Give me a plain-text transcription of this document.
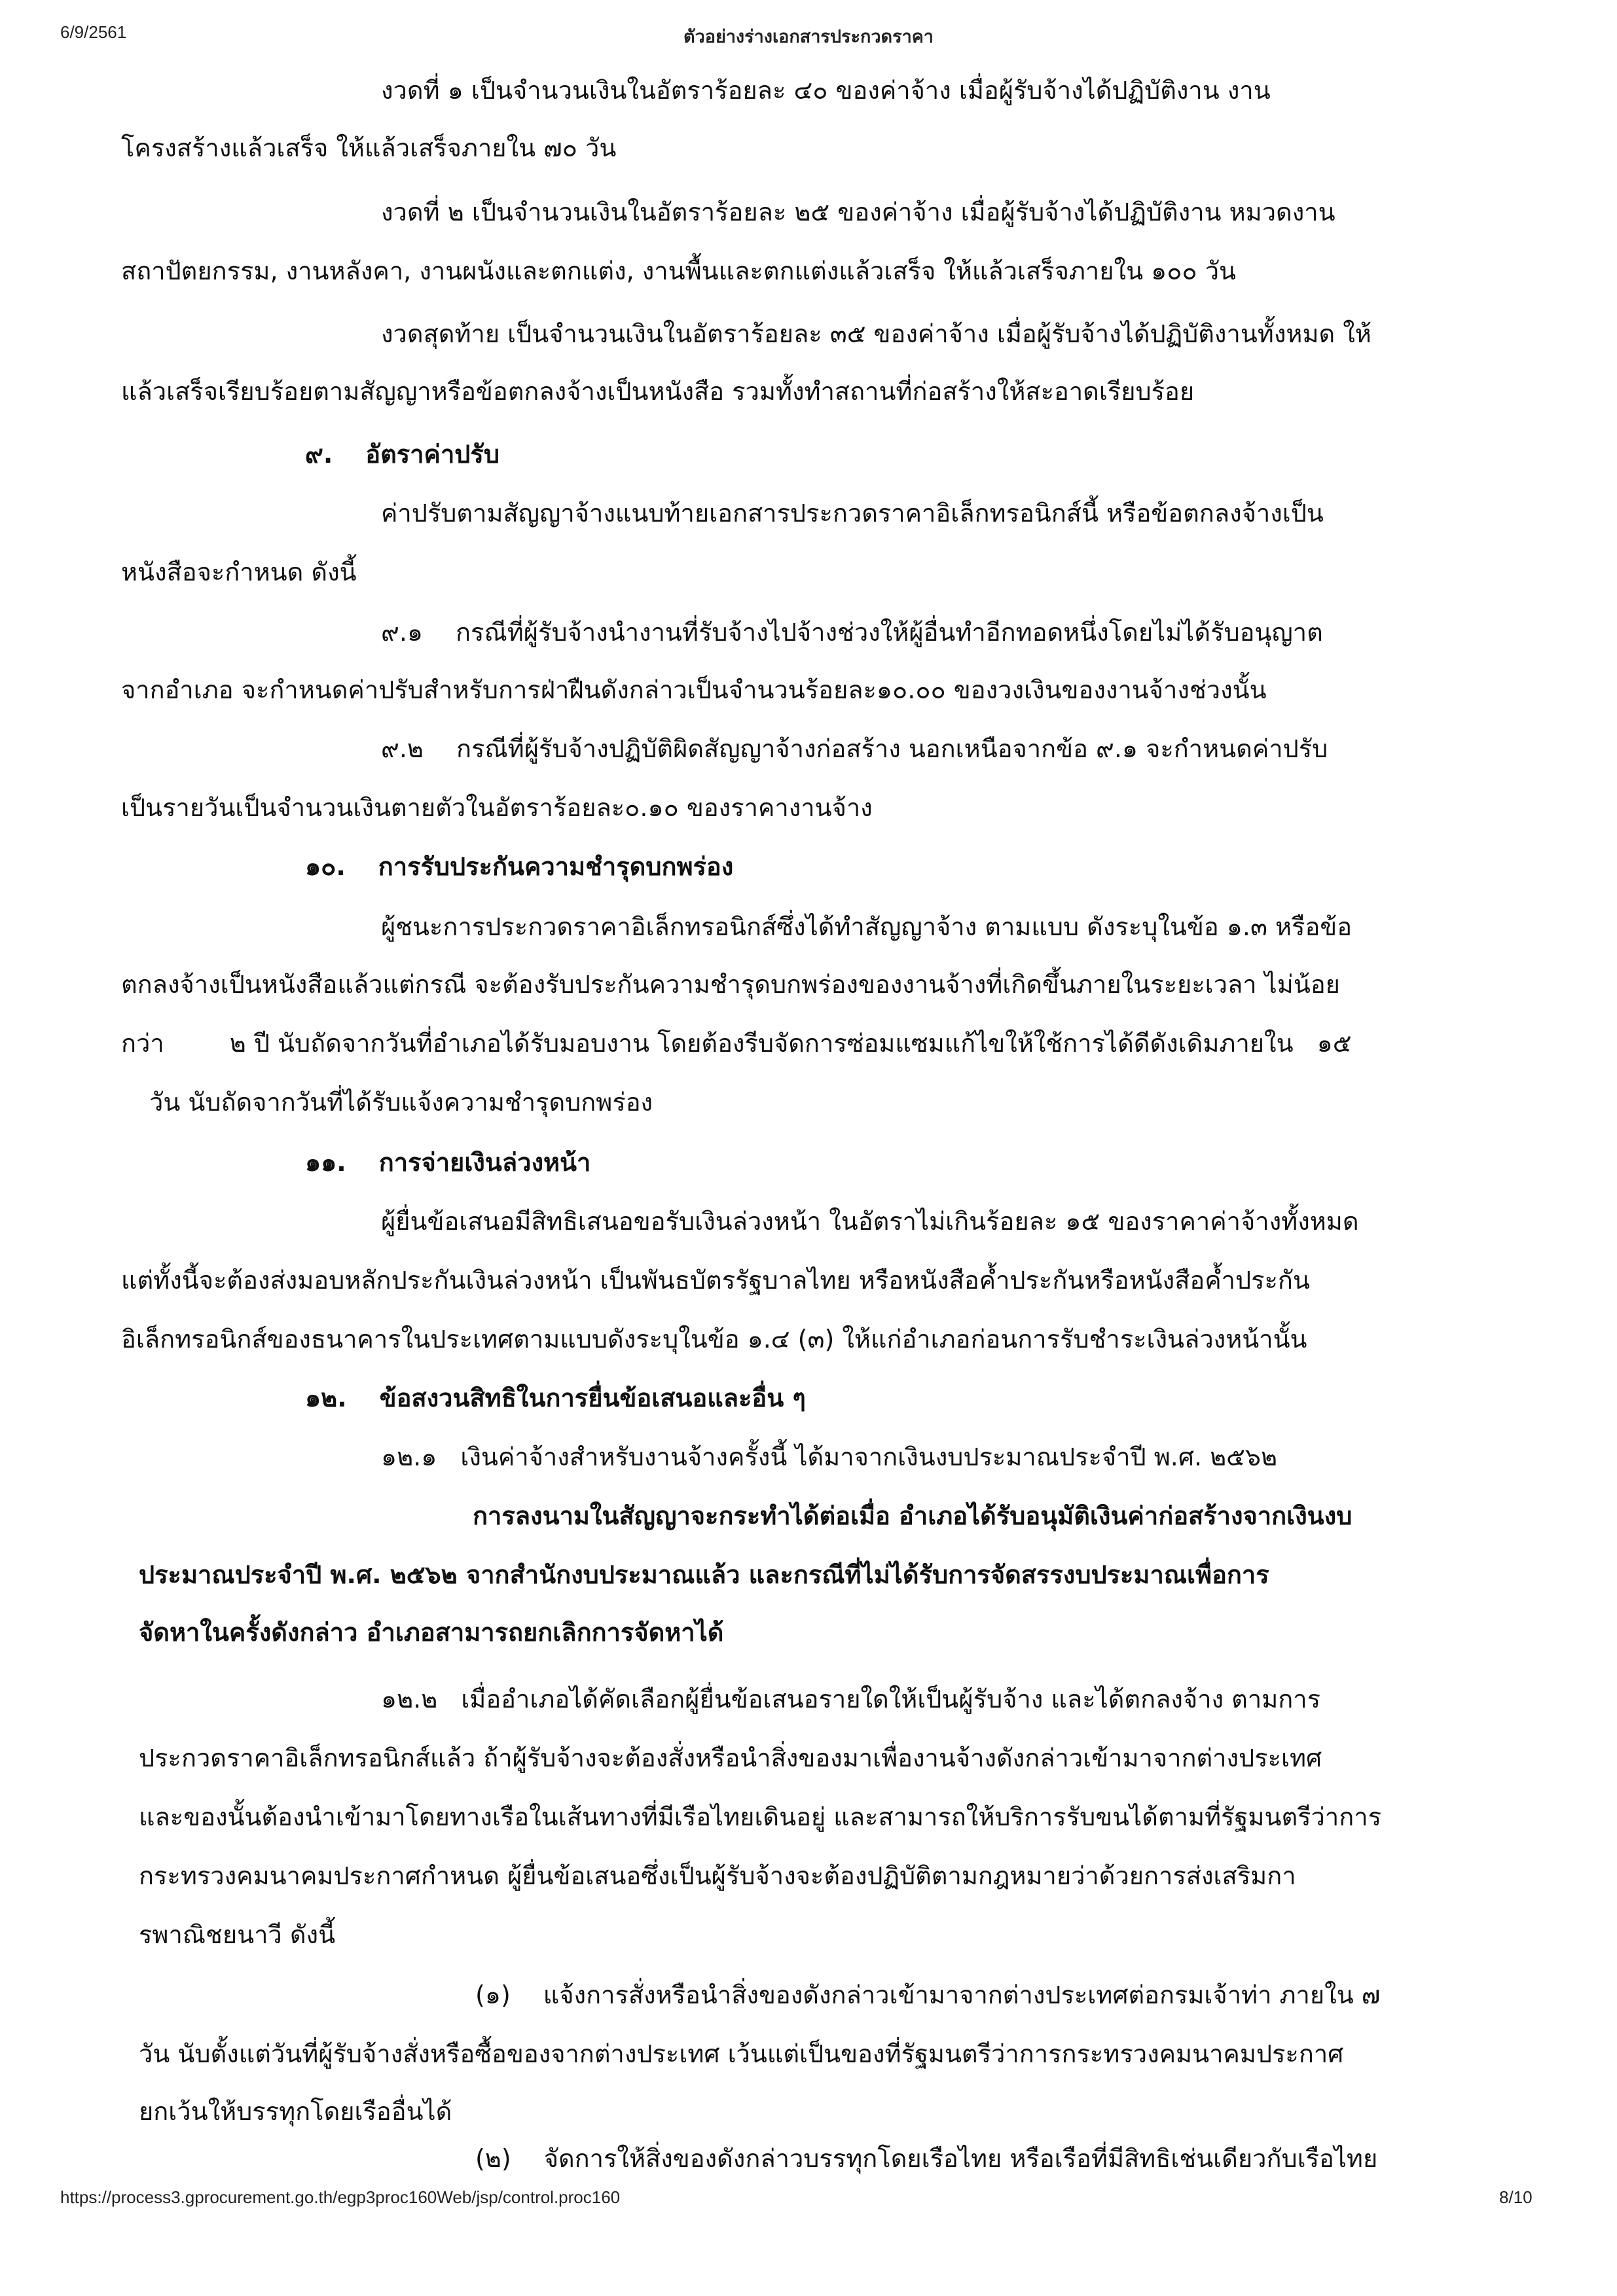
6/9/2561	ตัวอย่างร่างเอกสารประกวดราคา
งวดที่ ๑ เป็นจำนวนเงินในอัตราร้อยละ ๔๐ ของค่าจ้าง เมื่อผู้รับจ้างได้ปฏิบัติงาน งาน
โครงสร้างแล้วเสร็จ ให้แล้วเสร็จภายใน ๗๐ วัน
งวดที่ ๒ เป็นจำนวนเงินในอัตราร้อยละ ๒๕ ของค่าจ้าง เมื่อผู้รับจ้างได้ปฏิบัติงาน หมวดงาน
สถาปัตยกรรม, งานหลังคา, งานผนังและตกแต่ง, งานพื้นและตกแต่งแล้วเสร็จ ให้แล้วเสร็จภายใน ๑๐๐ วัน
งวดสุดท้าย เป็นจำนวนเงินในอัตราร้อยละ ๓๕ ของค่าจ้าง เมื่อผู้รับจ้างได้ปฏิบัติงานทั้งหมด ให้
แล้วเสร็จเรียบร้อยตามสัญญาหรือข้อตกลงจ้างเป็นหนังสือ รวมทั้งทำสถานที่ก่อสร้างให้สะอาดเรียบร้อย
๙. อัตราค่าปรับ
ค่าปรับตามสัญญาจ้างแนบท้ายเอกสารประกวดราคาอิเล็กทรอนิกส์นี้ หรือข้อตกลงจ้างเป็น
หนังสือจะกำหนด ดังนี้
๙.๑ กรณีที่ผู้รับจ้างนำงานที่รับจ้างไปจ้างช่วงให้ผู้อื่นทำอีกทอดหนึ่งโดยไม่ได้รับอนุญาต
จากอำเภอ จะกำหนดค่าปรับสำหรับการฝ่าฝืนดังกล่าวเป็นจำนวนร้อยละ๑๐.๐๐ ของวงเงินของงานจ้างช่วงนั้น
๙.๒ กรณีที่ผู้รับจ้างปฏิบัติผิดสัญญาจ้างก่อสร้าง นอกเหนือจากข้อ ๙.๑ จะกำหนดค่าปรับ
เป็นรายวันเป็นจำนวนเงินตายตัวในอัตราร้อยละ๐.๑๐ ของราคางานจ้าง
๑๐. การรับประกันความชำรุดบกพร่อง
ผู้ชนะการประกวดราคาอิเล็กทรอนิกส์ซึ่งได้ทำสัญญาจ้าง ตามแบบ ดังระบุในข้อ ๑.๓ หรือข้อ
ตกลงจ้างเป็นหนังสือแล้วแต่กรณี จะต้องรับประกันความชำรุดบกพร่องของงานจ้างที่เกิดขึ้นภายในระยะเวลา ไม่น้อย
กว่า	๒ ปี นับถัดจากวันที่อำเภอได้รับมอบงาน โดยต้องรีบจัดการซ่อมแซมแก้ไขให้ใช้การได้ดีดังเดิมภายใน ๑๕
วัน นับถัดจากวันที่ได้รับแจ้งความชำรุดบกพร่อง
๑๑. การจ่ายเงินล่วงหน้า
ผู้ยื่นข้อเสนอมีสิทธิเสนอขอรับเงินล่วงหน้า ในอัตราไม่เกินร้อยละ ๑๕ ของราคาค่าจ้างทั้งหมด
แต่ทั้งนี้จะต้องส่งมอบหลักประกันเงินล่วงหน้า เป็นพันธบัตรรัฐบาลไทย หรือหนังสือค้ำประกันหรือหนังสือค้ำประกัน
อิเล็กทรอนิกส์ของธนาคารในประเทศตามแบบดังระบุในข้อ ๑.๔ (๓) ให้แก่อำเภอก่อนการรับชำระเงินล่วงหน้านั้น
๑๒. ข้อสงวนสิทธิในการยื่นข้อเสนอและอื่น ๆ
๑๒.๑ เงินค่าจ้างสำหรับงานจ้างครั้งนี้ ได้มาจากเงินงบประมาณประจำปี พ.ศ. ๒๕๖๒
การลงนามในสัญญาจะกระทำได้ต่อเมื่อ อำเภอได้รับอนุมัติเงินค่าก่อสร้างจากเงินงบ
ประมาณประจำปี พ.ศ. ๒๕๖๒ จากสำนักงบประมาณแล้ว และกรณีที่ไม่ได้รับการจัดสรรงบประมาณเพื่อการ
จัดหาในครั้งดังกล่าว อำเภอสามารถยกเลิกการจัดหาได้
๑๒.๒ เมื่ออำเภอได้คัดเลือกผู้ยื่นข้อเสนอรายใดให้เป็นผู้รับจ้าง และได้ตกลงจ้าง ตามการ
ประกวดราคาอิเล็กทรอนิกส์แล้ว ถ้าผู้รับจ้างจะต้องสั่งหรือนำสิ่งของมาเพื่องานจ้างดังกล่าวเข้ามาจากต่างประเทศ
และของนั้นต้องนำเข้ามาโดยทางเรือในเส้นทางที่มีเรือไทยเดินอยู่ และสามารถให้บริการรับขนได้ตามที่รัฐมนตรีว่าการ
กระทรวงคมนาคมประกาศกำหนด ผู้ยื่นข้อเสนอซึ่งเป็นผู้รับจ้างจะต้องปฏิบัติตามกฎหมายว่าด้วยการส่งเสริมกา
รพาณิชยนาวี ดังนี้
(๑) แจ้งการสั่งหรือนำสิ่งของดังกล่าวเข้ามาจากต่างประเทศต่อกรมเจ้าท่า ภายใน ๗
วัน นับตั้งแต่วันที่ผู้รับจ้างสั่งหรือซื้อของจากต่างประเทศ เว้นแต่เป็นของที่รัฐมนตรีว่าการกระทรวงคมนาคมประกาศ
ยกเว้นให้บรรทุกโดยเรืออื่นได้
(๒) จัดการให้สิ่งของดังกล่าวบรรทุกโดยเรือไทย หรือเรือที่มีสิทธิเช่นเดียวกับเรือไทย
https://process3.gprocurement.go.th/egp3proc160Web/jsp/control.proc160	8/10
